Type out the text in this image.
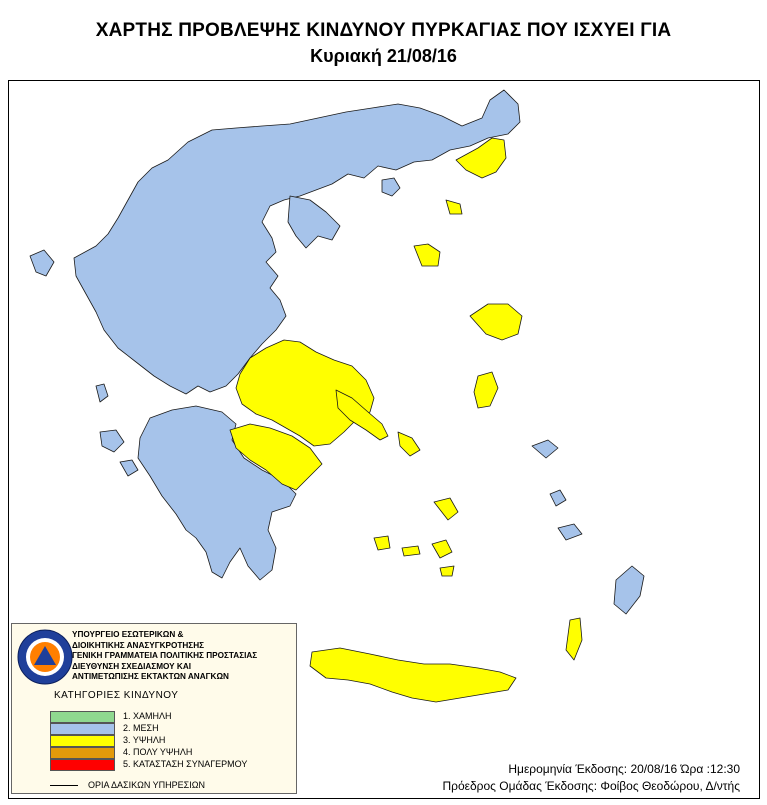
ΧΑΡΤΗΣ ΠΡΟΒΛΕΨΗΣ ΚΙΝΔΥΝΟΥ ΠΥΡΚΑΓΙΑΣ ΠΟΥ ΙΣΧΥΕΙ ΓΙΑ
Κυριακή 21/08/16
ΥΠΟΥΡΓΕΙΟ ΕΣΩΤΕΡΙΚΩΝ &
ΔΙΟΙΚΗΤΙΚΗΣ ΑΝΑΣΥΓΚΡΟΤΗΣΗΣ
ΓΕΝΙΚΗ ΓΡΑΜΜΑΤΕΙΑ ΠΟΛΙΤΙΚΗΣ ΠΡΟΣΤΑΣΙΑΣ
ΔΙΕΥΘΥΝΣΗ ΣΧΕΔΙΑΣΜΟΥ ΚΑΙ
ΑΝΤΙΜΕΤΩΠΙΣΗΣ ΕΚΤΑΚΤΩΝ ΑΝΑΓΚΩΝ
ΚΑΤΗΓΟΡΙΕΣ ΚΙΝΔΥΝΟΥ
1. ΧΑΜΗΛΗ
2. ΜΕΣΗ
3. ΥΨΗΛΗ
4. ΠΟΛΥ ΥΨΗΛΗ
5. ΚΑΤΑΣΤΑΣΗ ΣΥΝΑΓΕΡΜΟΥ
ΟΡΙΑ ΔΑΣΙΚΩΝ ΥΠΗΡΕΣΙΩΝ
Ημερομηνία Έκδοσης: 20/08/16 Ώρα :12:30
Πρόεδρος Ομάδας Έκδοσης: Φοίβος Θεοδώρου, Δ/ντής
